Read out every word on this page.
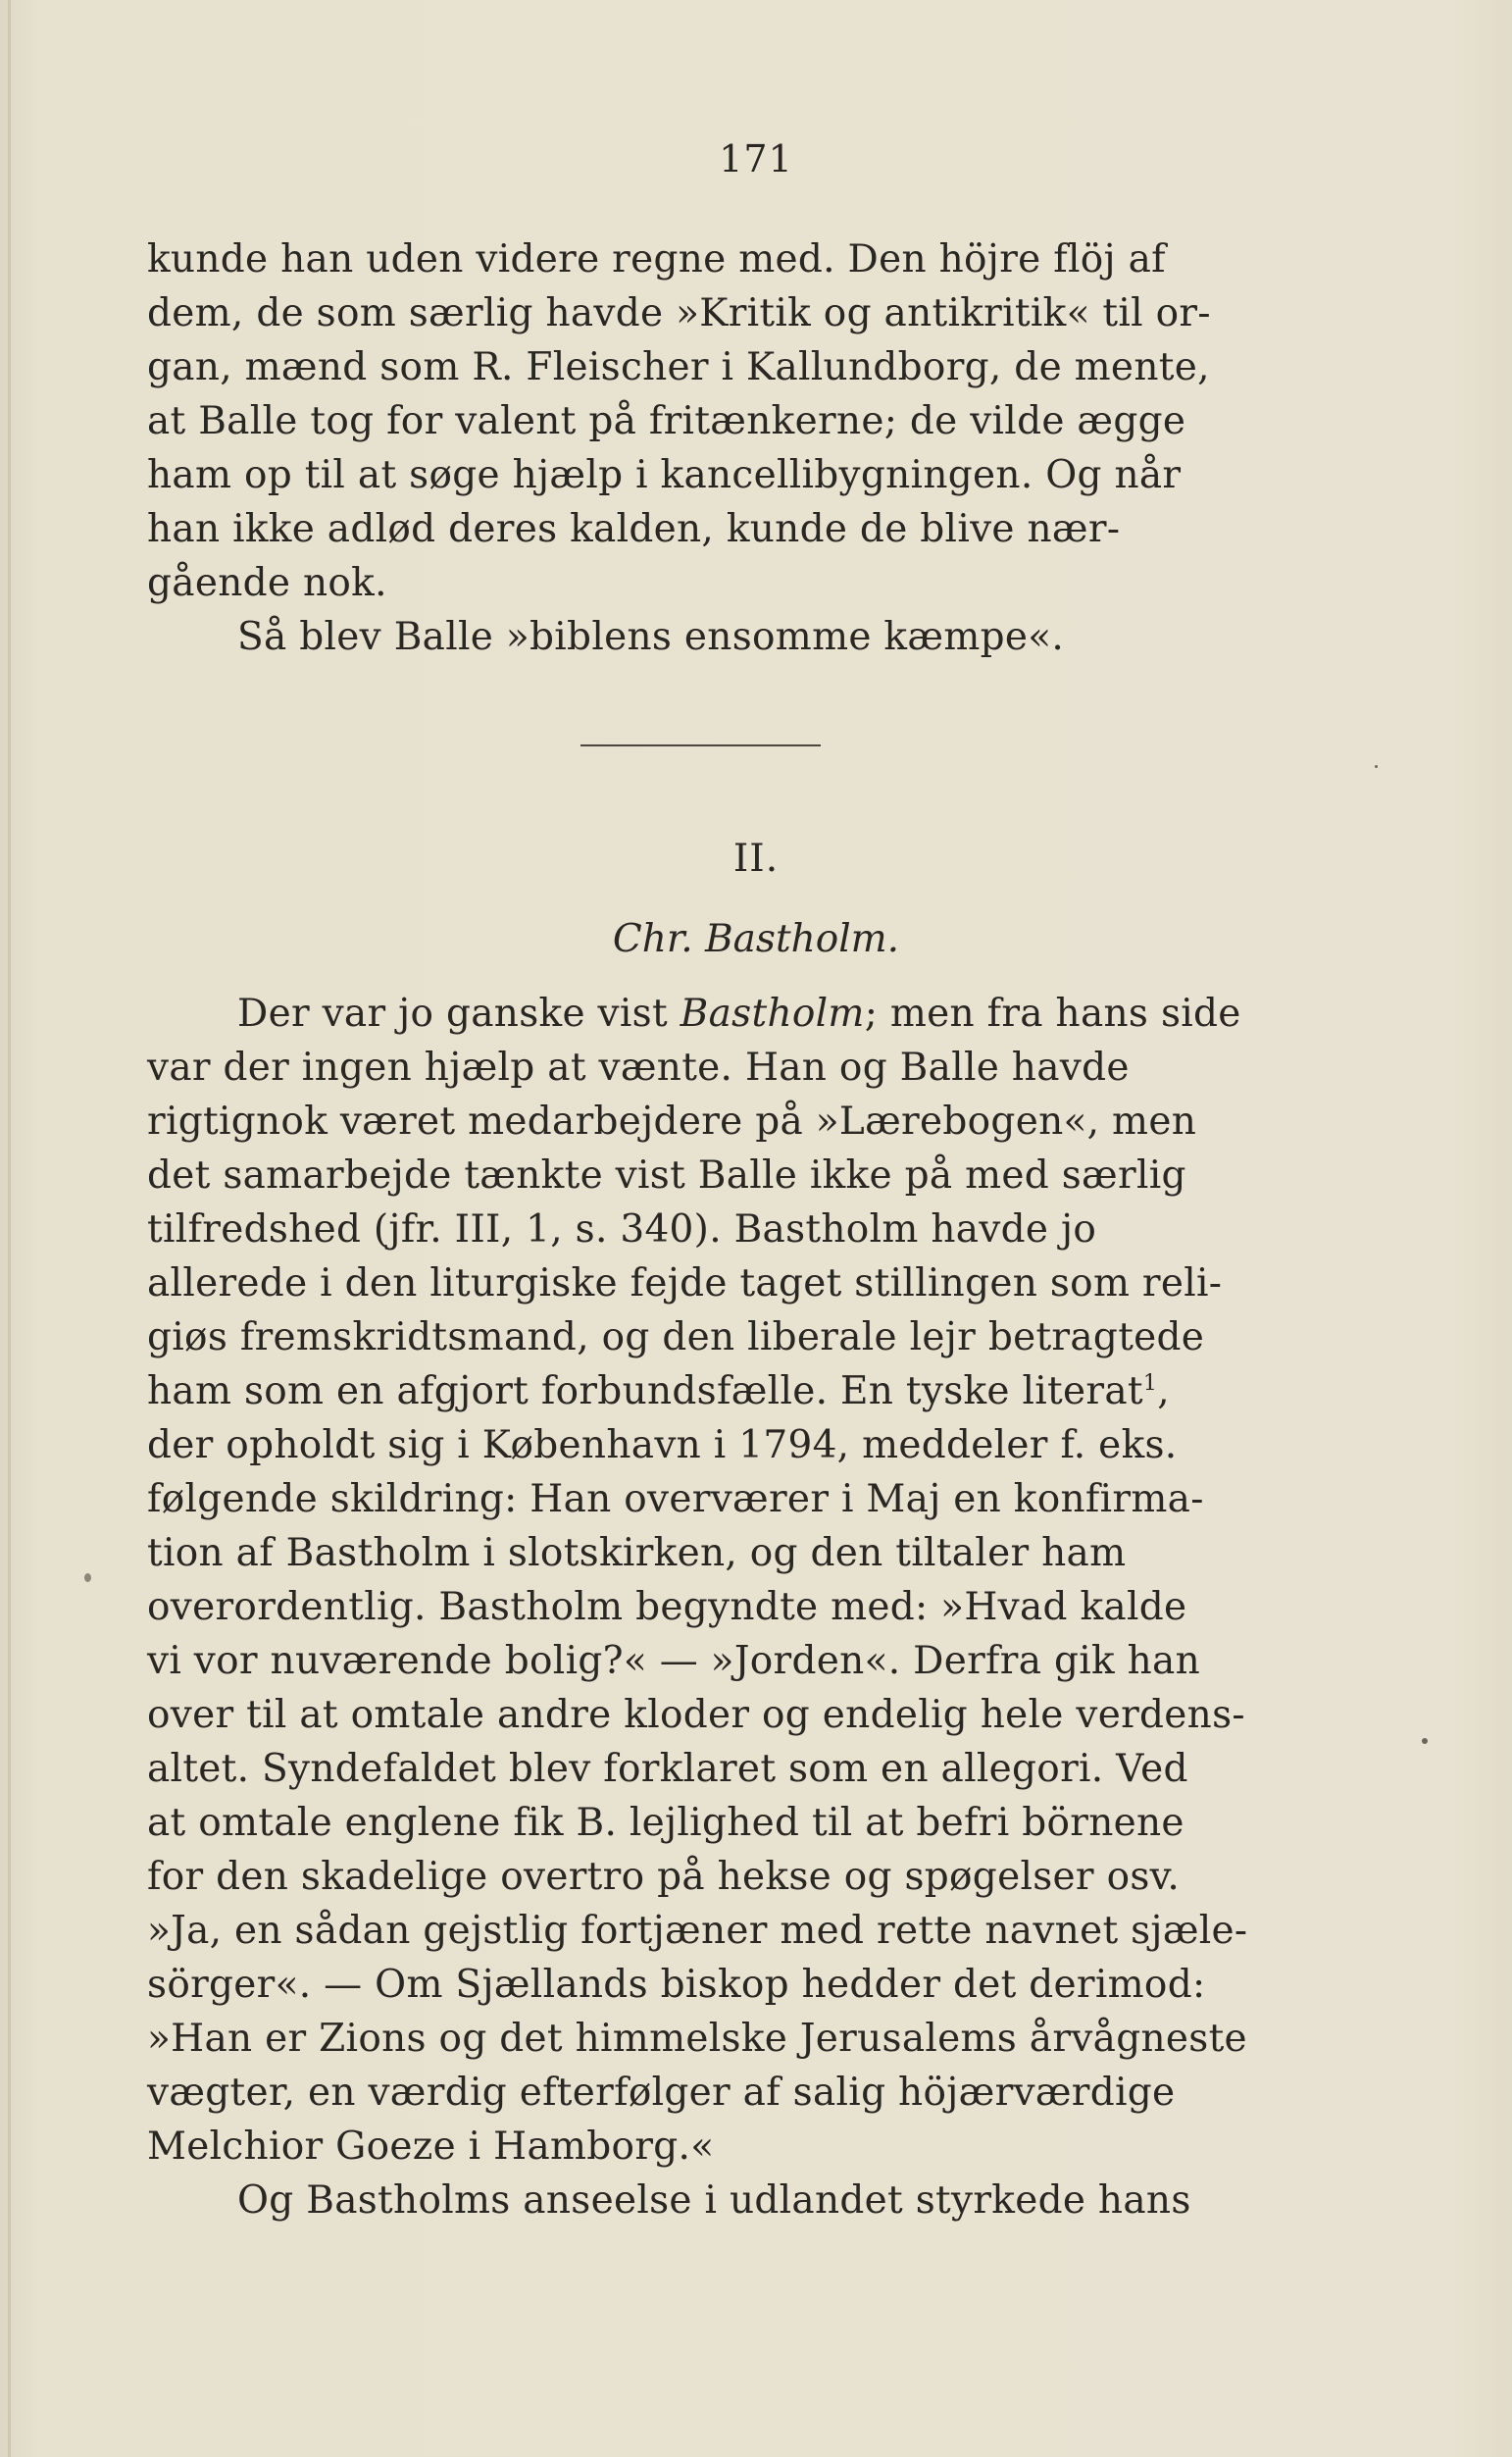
171
kunde han uden videre regne med. Den höjre flöj af
dem, de som særlig havde »Kritik og antikritik« til or-
gan, mænd som R. Fleischer i Kallundborg, de mente,
at Balle tog for valent på fritænkerne; de vilde ægge
ham op til at søge hjælp i kancellibygningen. Og når
han ikke adlød deres kalden, kunde de blive nær-
gående nok.
Så blev Balle »biblens ensomme kæmpe«.
II.
Chr. Bastholm.
Der var jo ganske vist Bastholm ; men fra hans side
var der ingen hjælp at vænte. Han og Balle havde
rigtignok været medarbejdere på »Lærebogen«, men
det samarbejde tænkte vist Balle ikke på med særlig
tilfredshed (jfr. III, 1, s. 340). Bastholm havde jo
allerede i den liturgiske fejde taget stillingen som reli-
giøs fremskridtsmand, og den liberale lejr betragtede
ham som en afgjort forbundsfælle. En tyske literat$^1$,
der opholdt sig i København i 1794, meddeler f. eks.
følgende skildring: Han overværer i Maj en konfirma-
tion af Bastholm i slotskirken, og den tiltaler ham
overordentlig. Bastholm begyndte med: »Hvad kalde
vi vor nuværende bolig?« — »Jorden«. Derfra gik han
over til at omtale andre kloder og endelig hele verdens-
altet. Syndefaldet blev forklaret som en allegori. Ved
at omtale englene fik B. lejlighed til at befri börnene
for den skadelige overtro på hekse og spøgelser osv.
»Ja, en sådan gejstlig fortjæner med rette navnet sjæle-
sörger«. — Om Sjællands biskop hedder det derimod:
»Han er Zions og det himmelske Jerusalems årvågneste
vægter, en værdig efterfølger af salig höjærværdige
Melchior Goeze i Hamborg.«
Og Bastholms anseelse i udlandet styrkede hans
